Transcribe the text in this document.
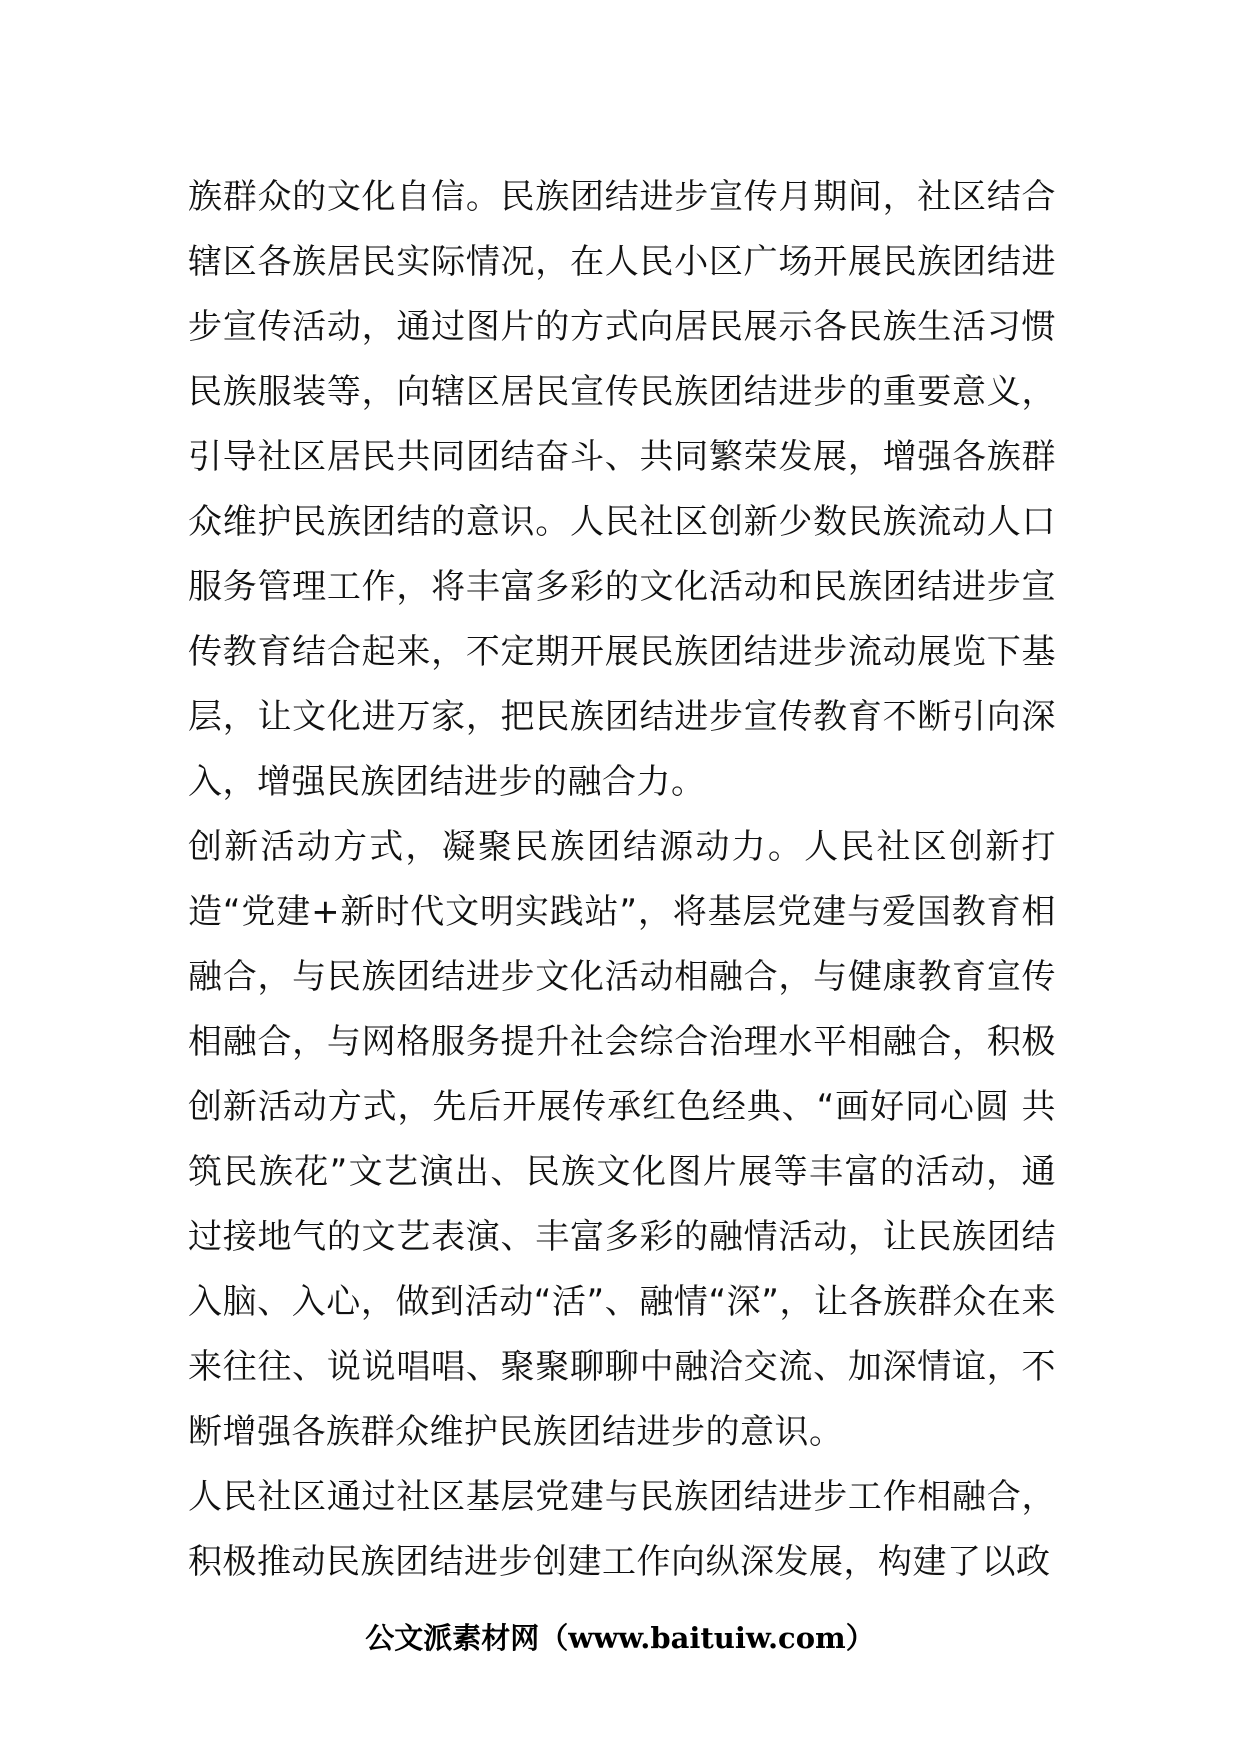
族群众的文化自信。民族团结进步宣传月期间，社区结合辖区各族居民实际情况，在人民小区广场开展民族团结进步宣传活动，通过图片的方式向居民展示各民族生活习惯民族服装等，向辖区居民宣传民族团结进步的重要意义，引导社区居民共同团结奋斗、共同繁荣发展，增强各族群众维护民族团结的意识。人民社区创新少数民族流动人口服务管理工作，将丰富多彩的文化活动和民族团结进步宣传教育结合起来，不定期开展民族团结进步流动展览下基层，让文化进万家，把民族团结进步宣传教育不断引向深入，增强民族团结进步的融合力。

创新活动方式，凝聚民族团结源动力。人民社区创新打造“党建+新时代文明实践站”，将基层党建与爱国教育相融合，与民族团结进步文化活动相融合，与健康教育宣传相融合，与网格服务提升社会综合治理水平相融合，积极创新活动方式，先后开展传承红色经典、“画好同心圆 共筑民族花”文艺演出、民族文化图片展等丰富的活动，通过接地气的文艺表演、丰富多彩的融情活动，让民族团结入脑、入心，做到活动“活”、融情“深”，让各族群众在来来往往、说说唱唱、聚聚聊聊中融洽交流、加深情谊，不断增强各族群众维护民族团结进步的意识。

人民社区通过社区基层党建与民族团结进步工作相融合，积极推动民族团结进步创建工作向纵深发展，构建了以政

公文派素材网（www.baituiw.com）
